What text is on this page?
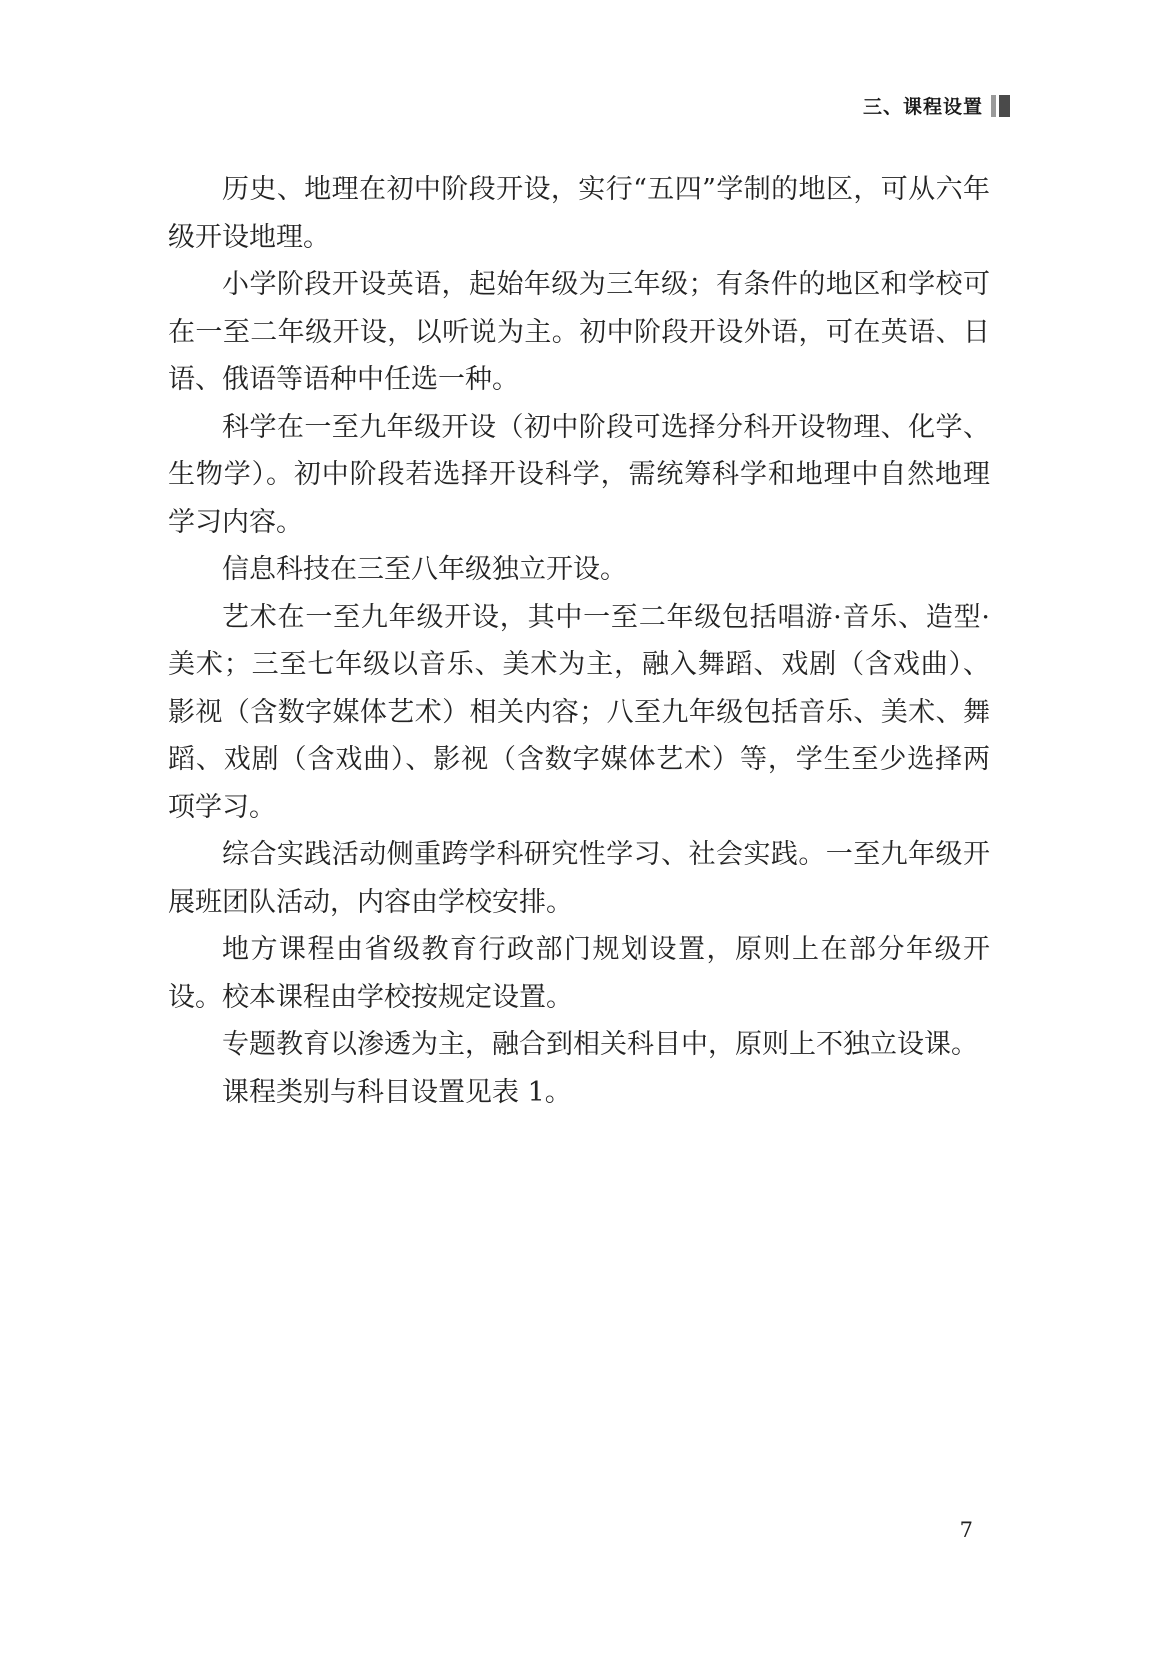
三、课程设置

历史、地理在初中阶段开设，实行“五四”学制的地区，可从六年级开设地理。

小学阶段开设英语，起始年级为三年级；有条件的地区和学校可在一至二年级开设，以听说为主。初中阶段开设外语，可在英语、日语、俄语等语种中任选一种。

科学在一至九年级开设（初中阶段可选择分科开设物理、化学、生物学）。初中阶段若选择开设科学，需统筹科学和地理中自然地理学习内容。

信息科技在三至八年级独立开设。

艺术在一至九年级开设，其中一至二年级包括唱游·音乐、造型·美术；三至七年级以音乐、美术为主，融入舞蹈、戏剧（含戏曲）、影视（含数字媒体艺术）相关内容；八至九年级包括音乐、美术、舞蹈、戏剧（含戏曲）、影视（含数字媒体艺术）等，学生至少选择两项学习。

综合实践活动侧重跨学科研究性学习、社会实践。一至九年级开展班团队活动，内容由学校安排。

地方课程由省级教育行政部门规划设置，原则上在部分年级开设。校本课程由学校按规定设置。

专题教育以渗透为主，融合到相关科目中，原则上不独立设课。

课程类别与科目设置见表 1。

7
